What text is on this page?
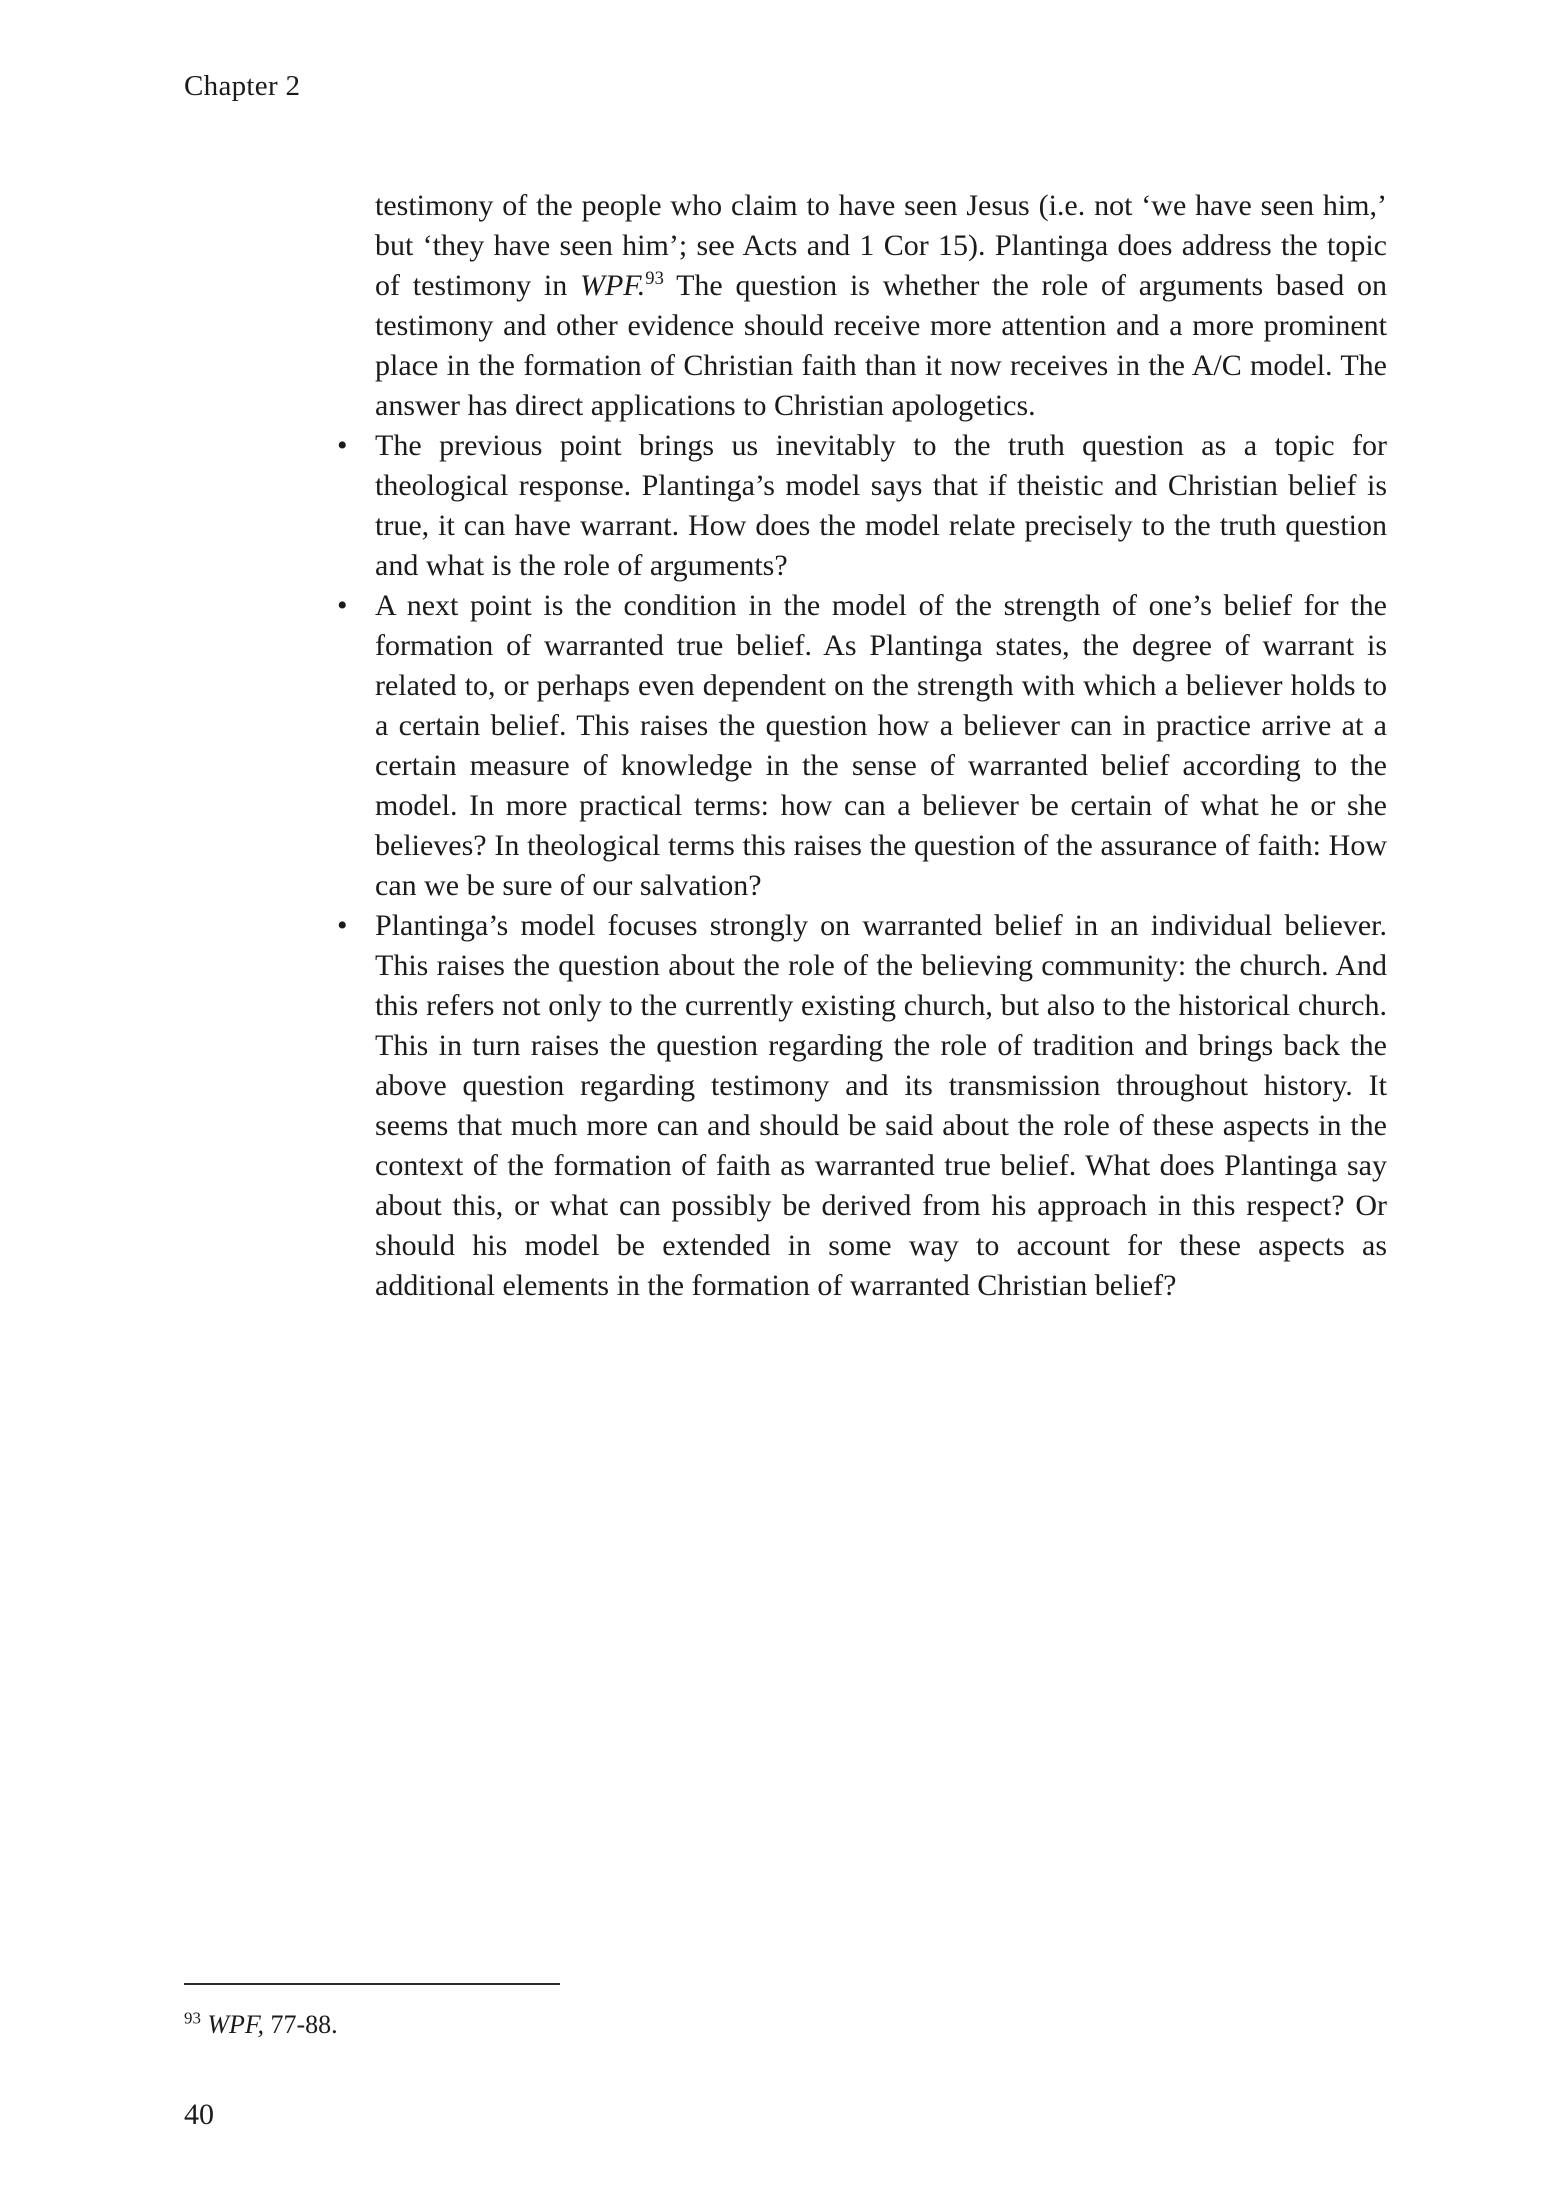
Chapter 2

testimony of the people who claim to have seen Jesus (i.e. not ‘we have seen him,’ but ‘they have seen him’; see Acts and 1 Cor 15). Plantinga does address the topic of testimony in WPF.$^{93}$ The question is whether the role of arguments based on testimony and other evidence should receive more attention and a more prominent place in the formation of Christian faith than it now receives in the A/C model. The answer has direct applications to Christian apologetics.

• The previous point brings us inevitably to the truth question as a topic for theological response. Plantinga’s model says that if theistic and Christian belief is true, it can have warrant. How does the model relate precisely to the truth question and what is the role of arguments?
• A next point is the condition in the model of the strength of one’s belief for the formation of warranted true belief. As Plantinga states, the degree of warrant is related to, or perhaps even dependent on the strength with which a believer holds to a certain belief. This raises the question how a believer can in practice arrive at a certain measure of knowledge in the sense of warranted belief according to the model. In more practical terms: how can a believer be certain of what he or she believes? In theological terms this raises the question of the assurance of faith: How can we be sure of our salvation?
• Plantinga’s model focuses strongly on warranted belief in an individual believer. This raises the question about the role of the believing community: the church. And this refers not only to the currently existing church, but also to the historical church. This in turn raises the question regarding the role of tradition and brings back the above question regarding testimony and its transmission throughout history. It seems that much more can and should be said about the role of these aspects in the context of the formation of faith as warranted true belief. What does Plantinga say about this, or what can possibly be derived from his approach in this respect? Or should his model be extended in some way to account for these aspects as additional elements in the formation of warranted Christian belief?

$^{93}$ WPF, 77-88.

40
